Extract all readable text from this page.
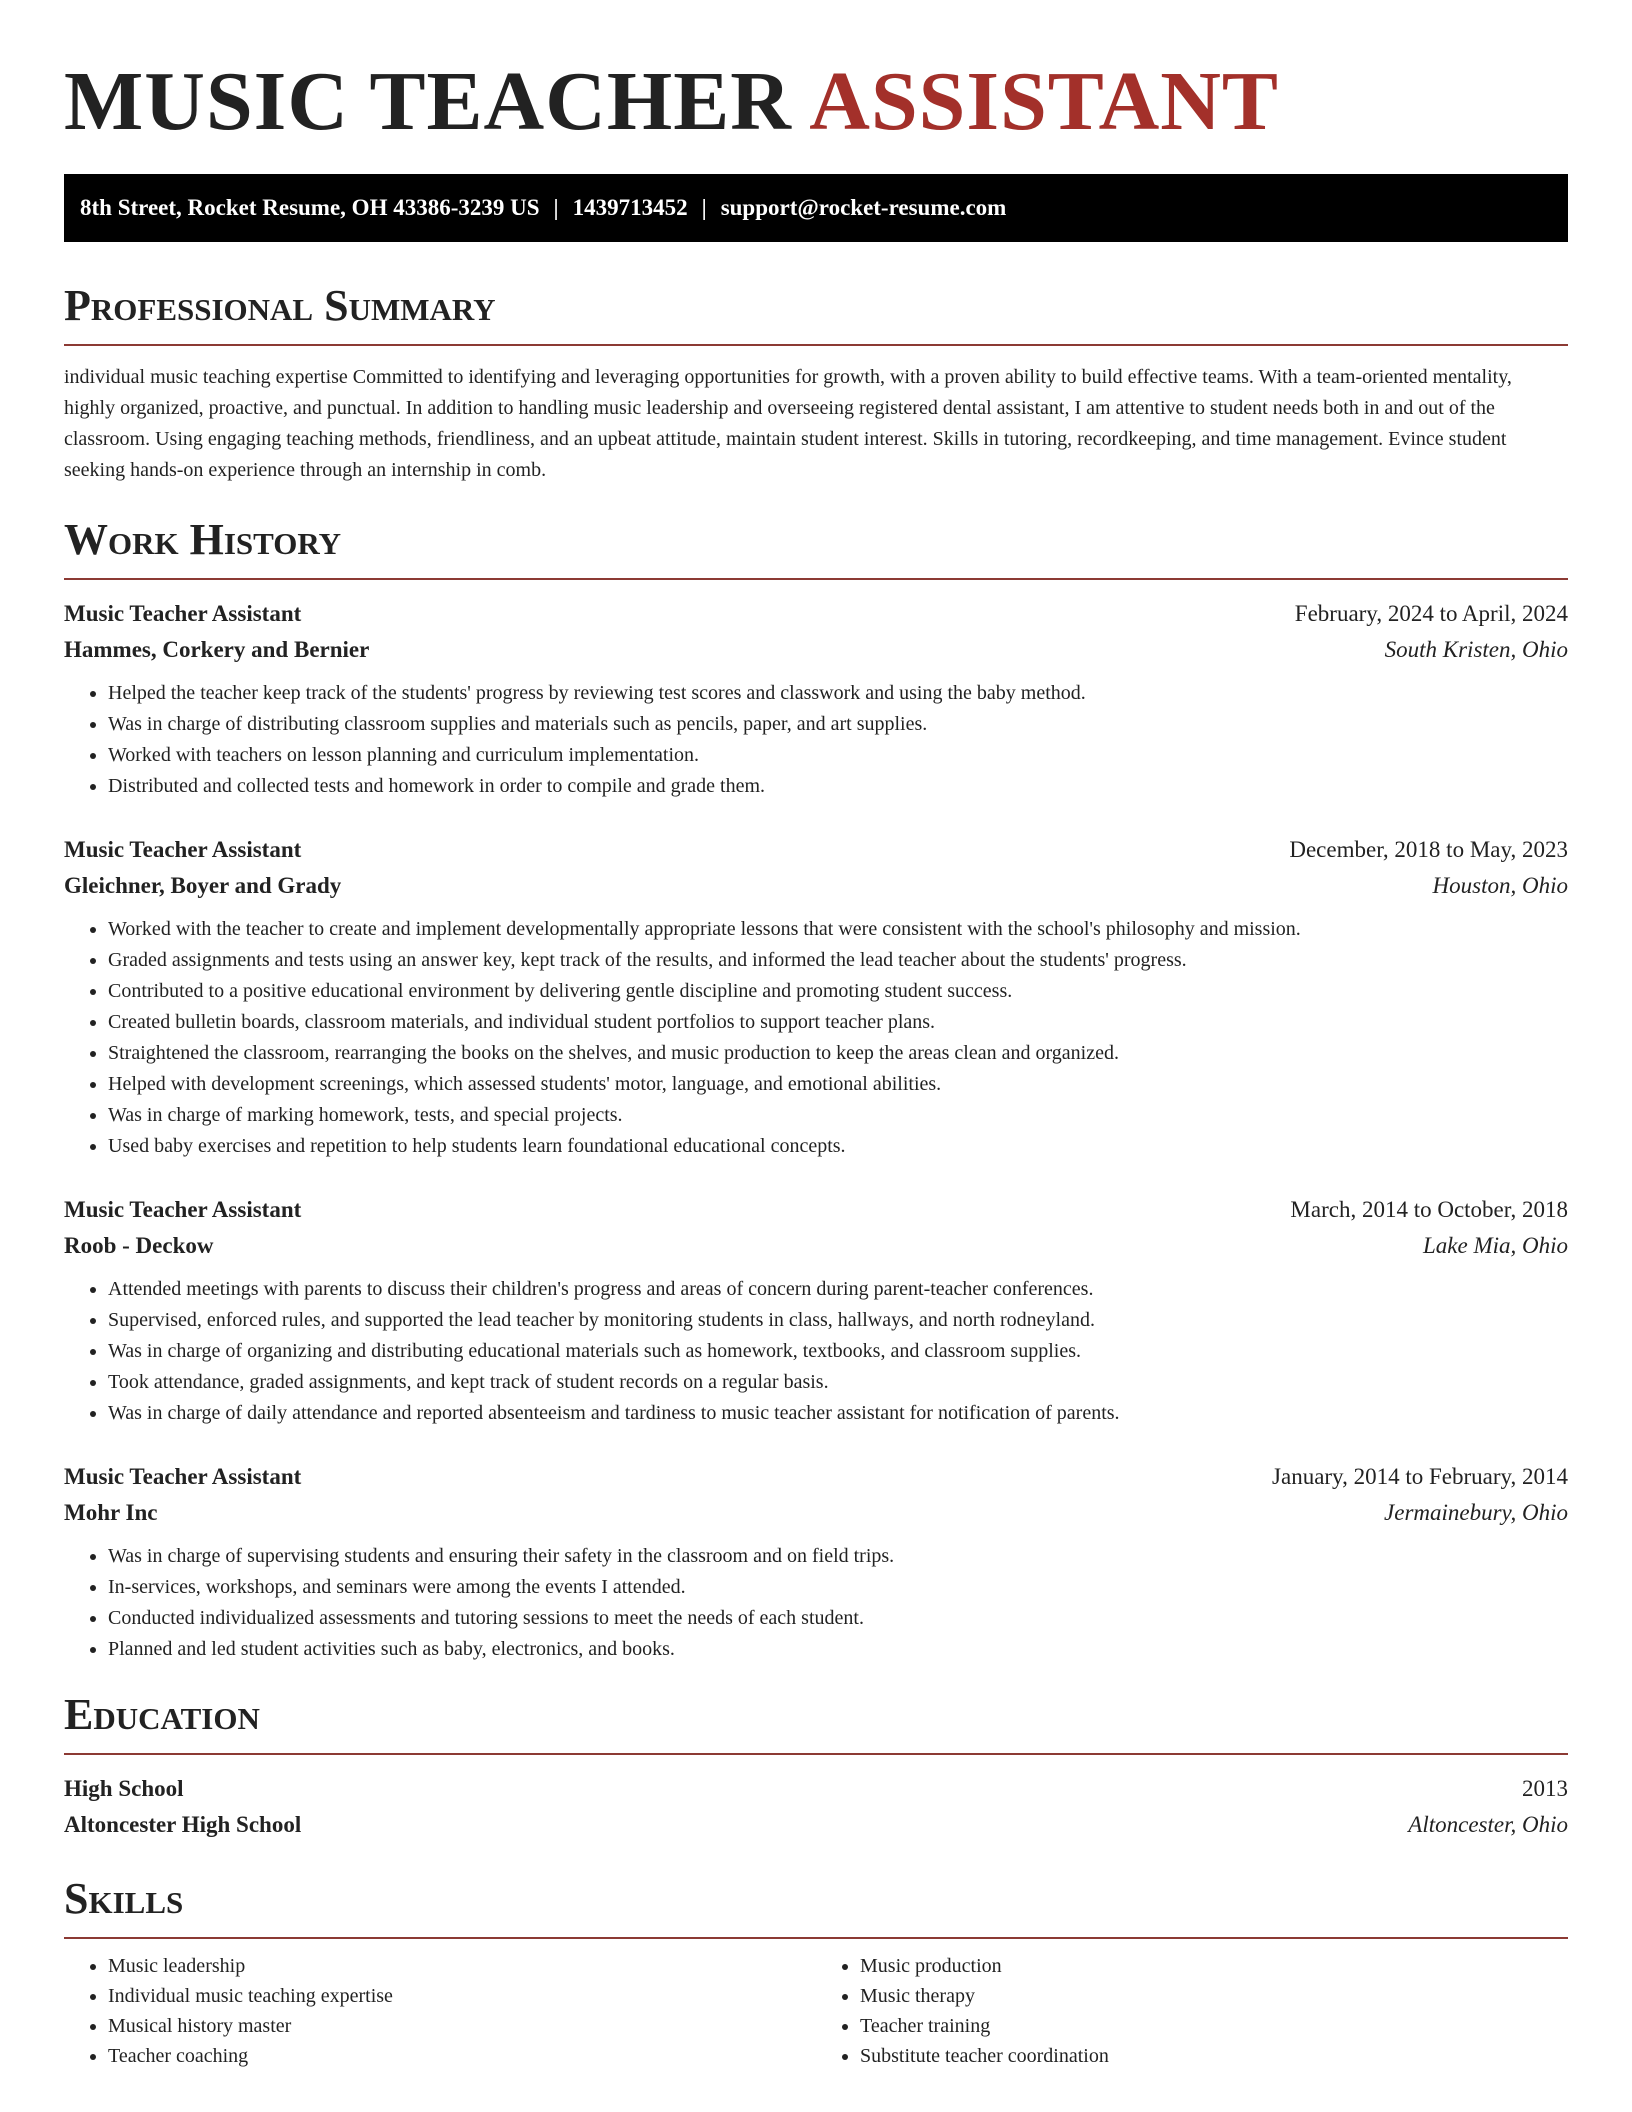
MUSIC TEACHER ASSISTANT
8th Street, Rocket Resume, OH 43386-3239 US | 1439713452 | support@rocket-resume.com
Professional Summary

individual music teaching expertise Committed to identifying and leveraging opportunities for growth, with a proven ability to build effective teams. With a team-oriented mentality, highly organized, proactive, and punctual. In addition to handling music leadership and overseeing registered dental assistant, I am attentive to student needs both in and out of the classroom. Using engaging teaching methods, friendliness, and an upbeat attitude, maintain student interest. Skills in tutoring, recordkeeping, and time management. Evince student seeking hands-on experience through an internship in comb.

Work History
Music Teacher Assistant	February, 2024 to April, 2024
Hammes, Corkery and Bernier	South Kristen, Ohio
• Helped the teacher keep track of the students' progress by reviewing test scores and classwork and using the baby method.
• Was in charge of distributing classroom supplies and materials such as pencils, paper, and art supplies.
• Worked with teachers on lesson planning and curriculum implementation.
• Distributed and collected tests and homework in order to compile and grade them.
Music Teacher Assistant	December, 2018 to May, 2023
Gleichner, Boyer and Grady	Houston, Ohio
• Worked with the teacher to create and implement developmentally appropriate lessons that were consistent with the school's philosophy and mission.
• Graded assignments and tests using an answer key, kept track of the results, and informed the lead teacher about the students' progress.
• Contributed to a positive educational environment by delivering gentle discipline and promoting student success.
• Created bulletin boards, classroom materials, and individual student portfolios to support teacher plans.
• Straightened the classroom, rearranging the books on the shelves, and music production to keep the areas clean and organized.
• Helped with development screenings, which assessed students' motor, language, and emotional abilities.
• Was in charge of marking homework, tests, and special projects.
• Used baby exercises and repetition to help students learn foundational educational concepts.
Music Teacher Assistant	March, 2014 to October, 2018
Roob - Deckow	Lake Mia, Ohio
• Attended meetings with parents to discuss their children's progress and areas of concern during parent-teacher conferences.
• Supervised, enforced rules, and supported the lead teacher by monitoring students in class, hallways, and north rodneyland.
• Was in charge of organizing and distributing educational materials such as homework, textbooks, and classroom supplies.
• Took attendance, graded assignments, and kept track of student records on a regular basis.
• Was in charge of daily attendance and reported absenteeism and tardiness to music teacher assistant for notification of parents.
Music Teacher Assistant	January, 2014 to February, 2014
Mohr Inc	Jermainebury, Ohio
• Was in charge of supervising students and ensuring their safety in the classroom and on field trips.
• In-services, workshops, and seminars were among the events I attended.
• Conducted individualized assessments and tutoring sessions to meet the needs of each student.
• Planned and led student activities such as baby, electronics, and books.
Education
High School	2013
Altoncester High School	Altoncester, Ohio
Skills
• Music leadership
• Individual music teaching expertise
• Musical history master
• Teacher coaching
• Music production
• Music therapy
• Teacher training
• Substitute teacher coordination
